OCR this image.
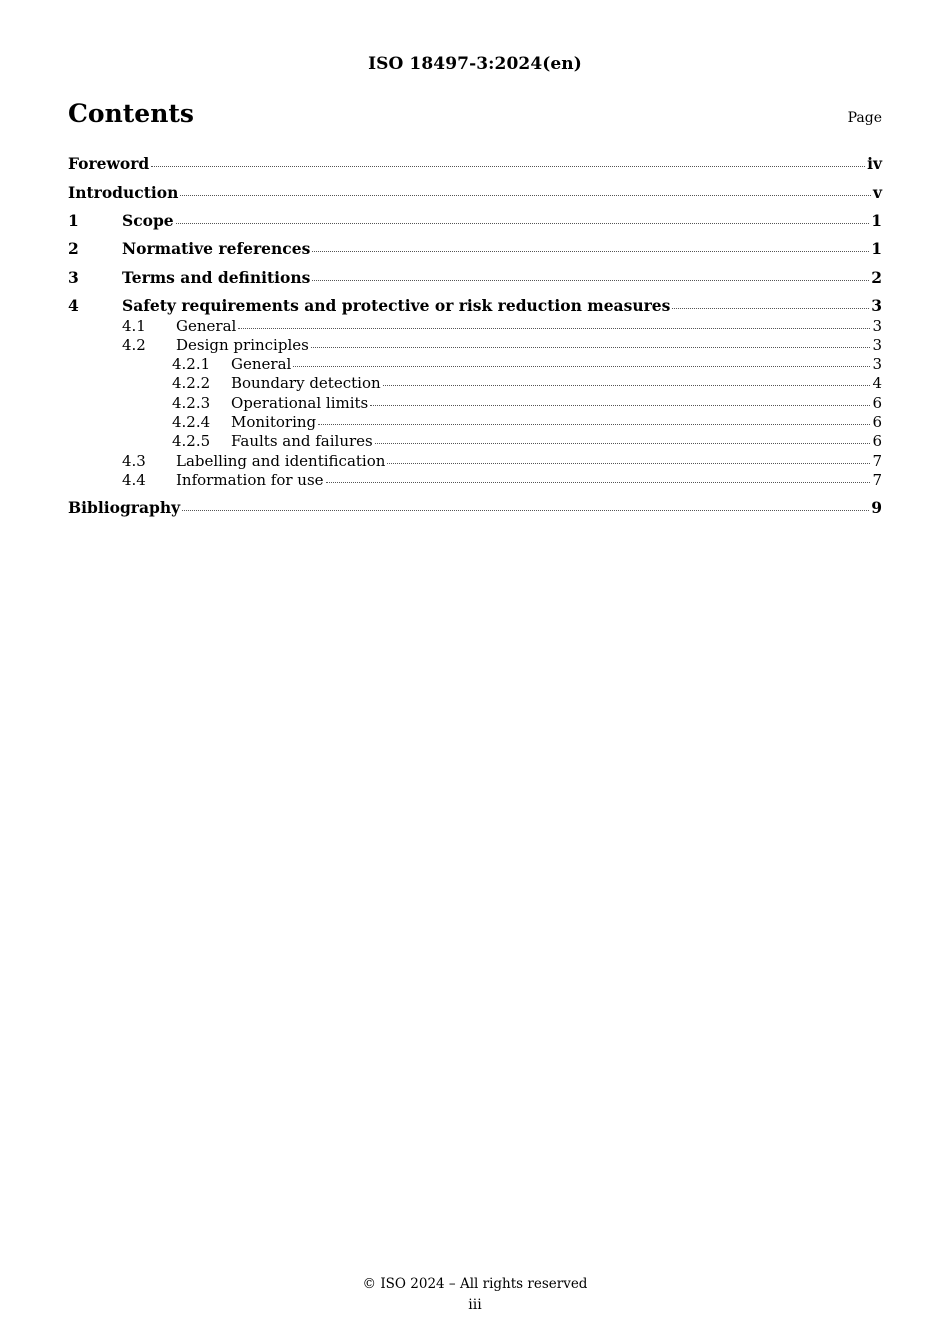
ISO 18497-3:2024(en)
Contents	Page
Foreword	iv
Introduction	v
1	Scope	1
2	Normative references	1
3	Terms and definitions	2
4	Safety requirements and protective or risk reduction measures	3
4.1	General	3
4.2	Design principles	3
4.2.1	General	3
4.2.2	Boundary detection	4
4.2.3	Operational limits	6
4.2.4	Monitoring	6
4.2.5	Faults and failures	6
4.3	Labelling and identification	7
4.4	Information for use	7
Bibliography	9
© ISO 2024 – All rights reserved
iii
